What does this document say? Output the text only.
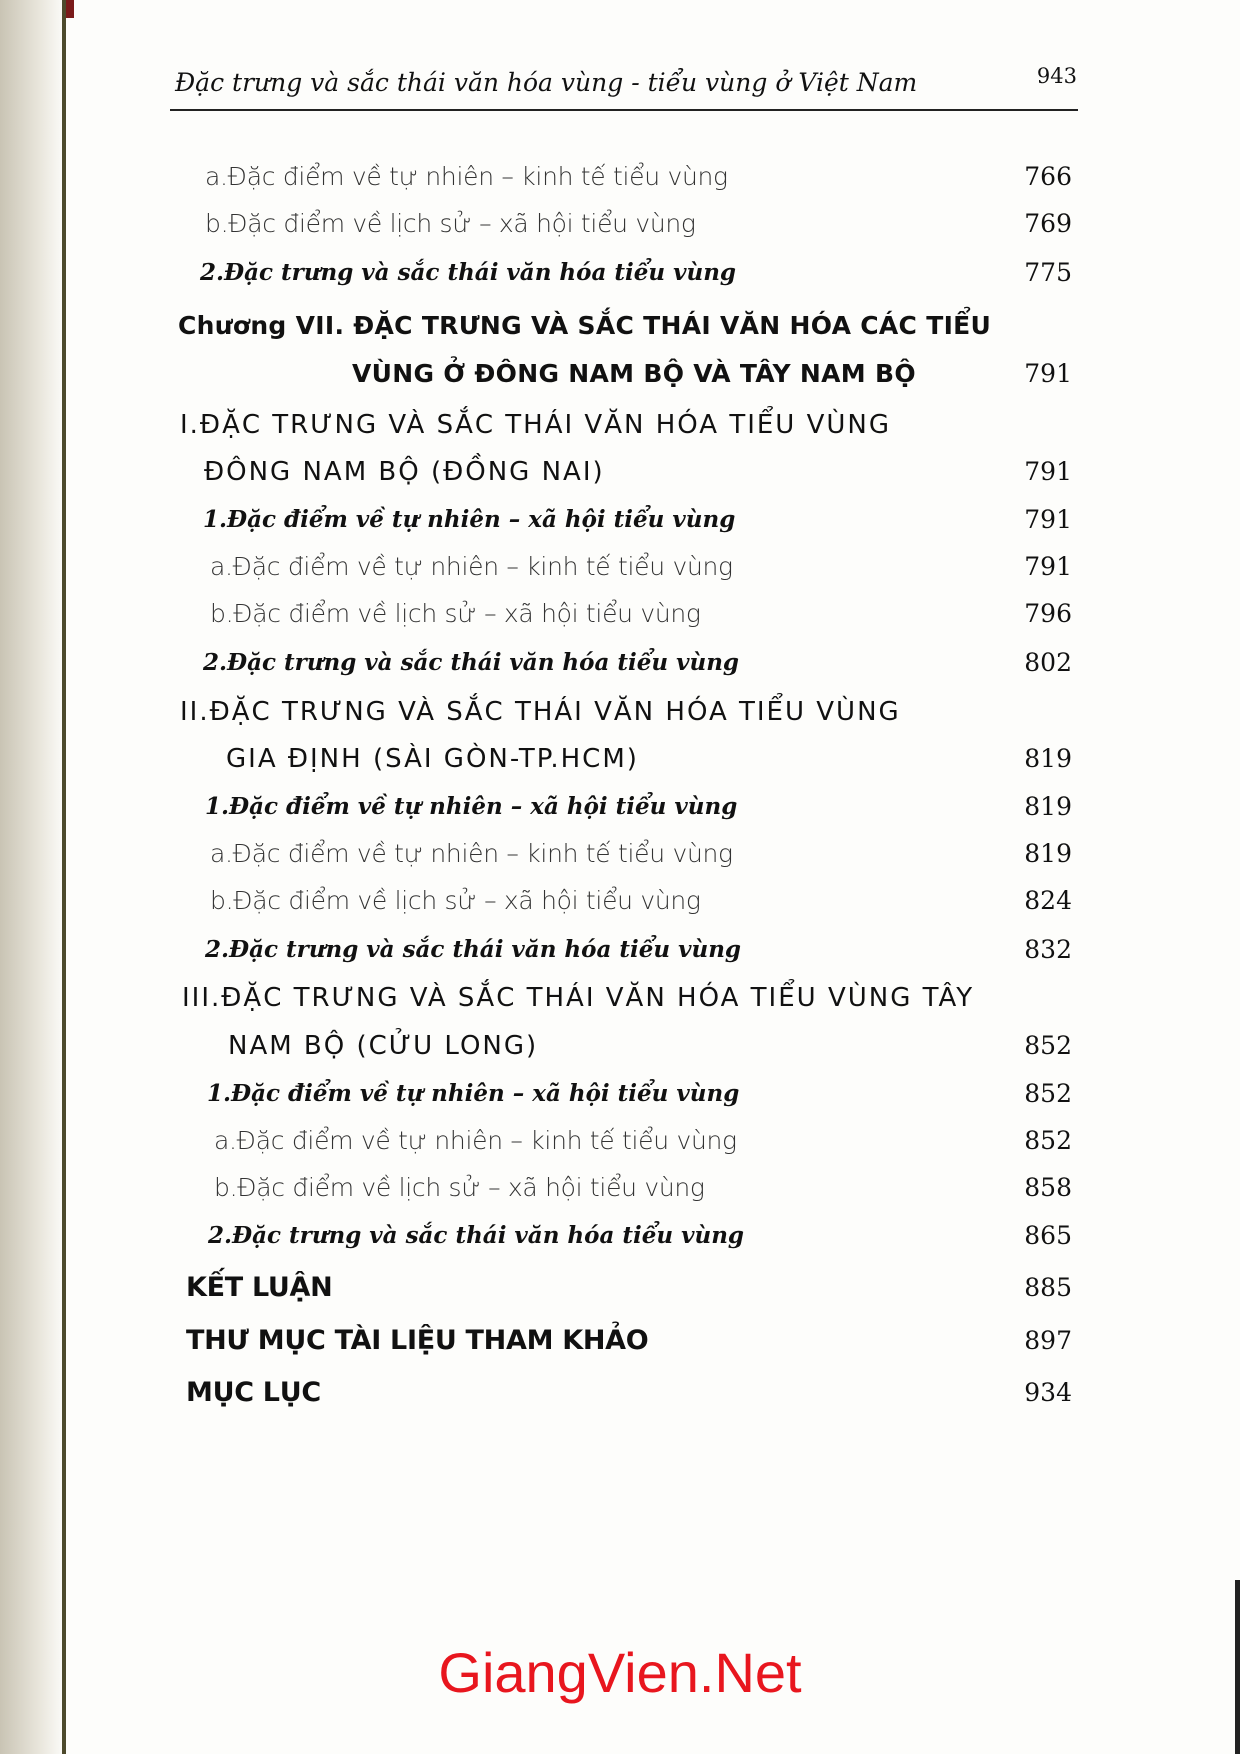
Đặc trưng và sắc thái văn hóa vùng - tiểu vùng ở Việt Nam	943
a.Đặc điểm về tự nhiên – kinh tế tiểu vùng	766
b.Đặc điểm về lịch sử – xã hội tiểu vùng	769
2.Đặc trưng và sắc thái văn hóa tiểu vùng	775
Chương VII. ĐẶC TRƯNG VÀ SẮC THÁI VĂN HÓA CÁC TIỂU
VÙNG Ở ĐÔNG NAM BỘ VÀ TÂY NAM BỘ	791
I.ĐẶC TRƯNG VÀ SẮC THÁI VĂN HÓA TIỂU VÙNG
ĐÔNG NAM BỘ (ĐỒNG NAI)	791
1.Đặc điểm về tự nhiên – xã hội tiểu vùng	791
a.Đặc điểm về tự nhiên – kinh tế tiểu vùng	791
b.Đặc điểm về lịch sử – xã hội tiểu vùng	796
2.Đặc trưng và sắc thái văn hóa tiểu vùng	802
II.ĐẶC TRƯNG VÀ SẮC THÁI VĂN HÓA TIỂU VÙNG
GIA ĐỊNH (SÀI GÒN-TP.HCM)	819
1.Đặc điểm về tự nhiên – xã hội tiểu vùng	819
a.Đặc điểm về tự nhiên – kinh tế tiểu vùng	819
b.Đặc điểm về lịch sử – xã hội tiểu vùng	824
2.Đặc trưng và sắc thái văn hóa tiểu vùng	832
III.ĐẶC TRƯNG VÀ SẮC THÁI VĂN HÓA TIỂU VÙNG TÂY
NAM BỘ (CỬU LONG)	852
1.Đặc điểm về tự nhiên – xã hội tiểu vùng	852
a.Đặc điểm về tự nhiên – kinh tế tiểu vùng	852
b.Đặc điểm về lịch sử – xã hội tiểu vùng	858
2.Đặc trưng và sắc thái văn hóa tiểu vùng	865
KẾT LUẬN	885
THƯ MỤC TÀI LIỆU THAM KHẢO	897
MỤC LỤC	934
GiangVien.Net
